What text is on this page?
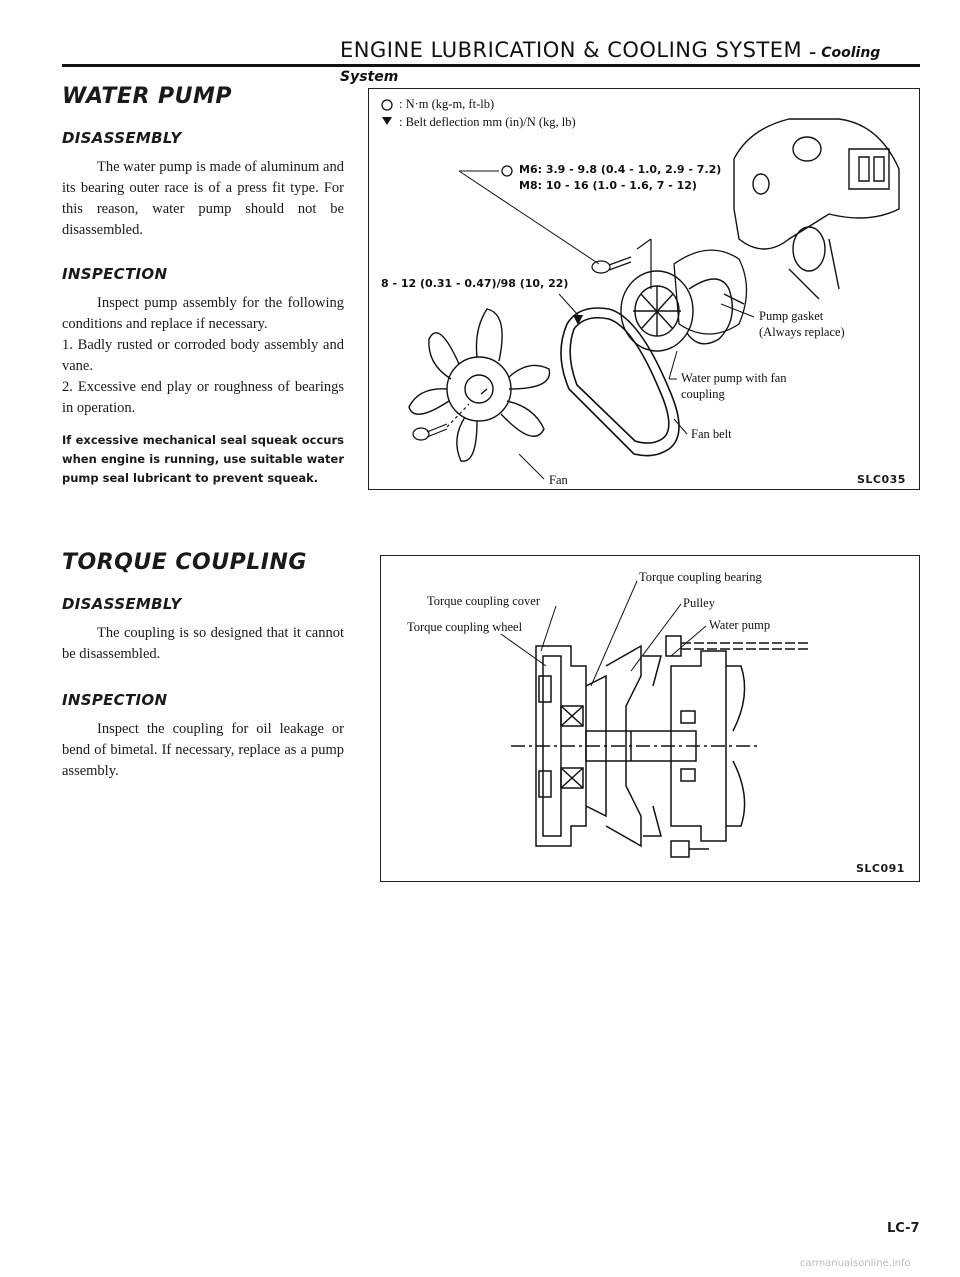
ENGINE LUBRICATION & COOLING SYSTEM – Cooling System
WATER PUMP
DISASSEMBLY

The water pump is made of aluminum and its bearing outer race is of a press fit type. For this reason, water pump should not be disassembled.

INSPECTION

Inspect pump assembly for the following conditions and replace if necessary.

1. Badly rusted or corroded body assembly and vane.

2. Excessive end play or roughness of bearings in operation.

If excessive mechanical seal squeak occurs when engine is running, use suitable water pump seal lubricant to prevent squeak.

TORQUE COUPLING
DISASSEMBLY

The coupling is so designed that it cannot be disassembled.

INSPECTION

Inspect the coupling for oil leakage or bend of bimetal. If necessary, replace as a pump assembly.

: N·m (kg-m, ft-lb)
: Belt deflection mm (in)/N (kg, lb)
M6: 3.9 - 9.8 (0.4 - 1.0, 2.9 - 7.2)
M8: 10 - 16 (1.0 - 1.6, 7 - 12)
8 - 12 (0.31 - 0.47)/98 (10, 22)
Pump gasket
(Always replace)
Water pump with fan
coupling
Fan belt
Fan	SLC035
Torque coupling bearing
Torque coupling cover	Pulley
Torque coupling wheel	Water pump
SLC091
LC-7
carmanualsonline.info
